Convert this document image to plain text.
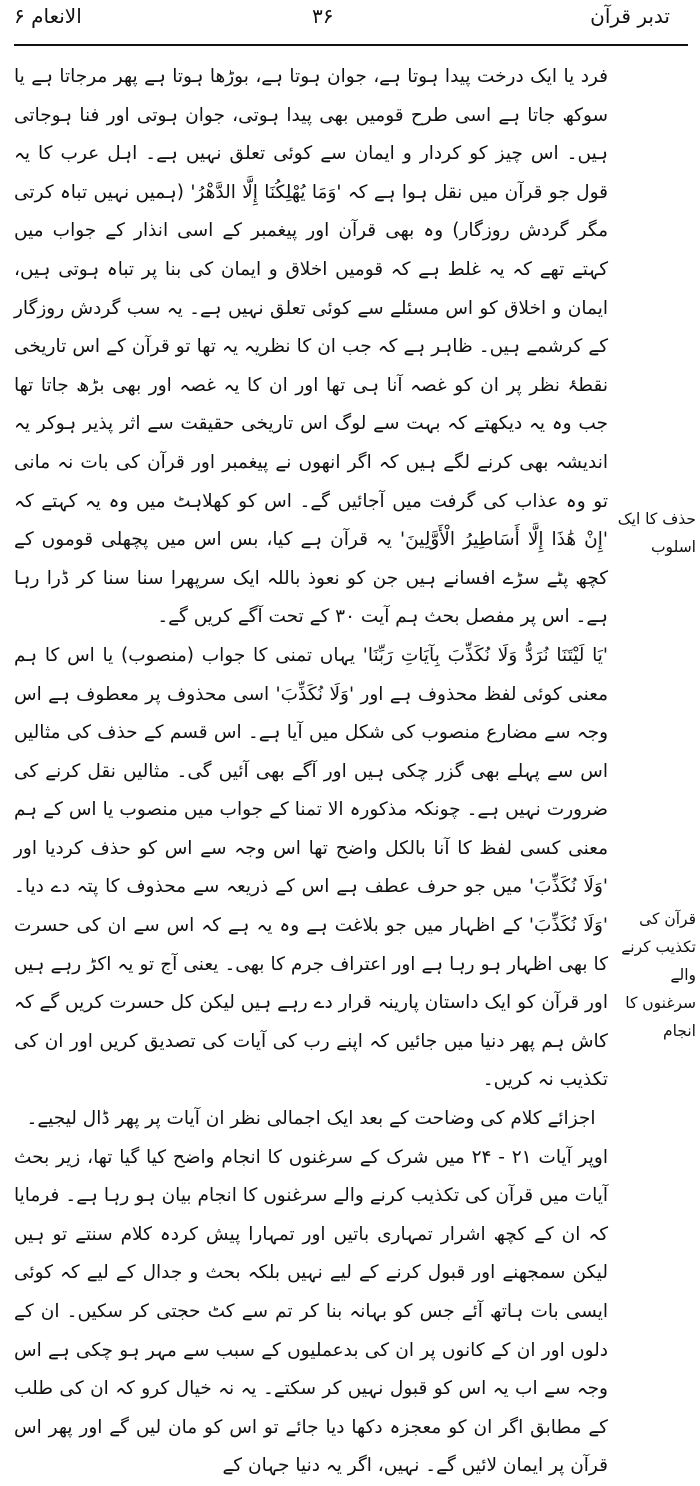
تدبر قرآن
۳۶
الانعام ۶

فرد یا ایک درخت پیدا ہوتا ہے، جوان ہوتا ہے، بوڑھا ہوتا ہے پھر مرجاتا ہے یا سوکھ جاتا ہے اسی طرح قومیں بھی پیدا ہوتی، جوان ہوتی اور فنا ہوجاتی ہیں۔ اس چیز کو کردار و ایمان سے کوئی تعلق نہیں ہے۔ اہل عرب کا یہ قول جو قرآن میں نقل ہوا ہے کہ 'وَمَا يُهْلِكُنَا إِلَّا الدَّهْرُ' (ہمیں نہیں تباہ کرتی مگر گردش روزگار) وہ بھی قرآن اور پیغمبر کے اسی انذار کے جواب میں کہتے تھے کہ یہ غلط ہے کہ قومیں اخلاق و ایمان کی بنا پر تباہ ہوتی ہیں، ایمان و اخلاق کو اس مسئلے سے کوئی تعلق نہیں ہے۔ یہ سب گردش روزگار کے کرشمے ہیں۔ ظاہر ہے کہ جب ان کا نظریہ یہ تھا تو قرآن کے اس تاریخی نقطۂ نظر پر ان کو غصہ آنا ہی تھا اور ان کا یہ غصہ اور بھی بڑھ جاتا تھا جب وہ یہ دیکھتے کہ بہت سے لوگ اس تاریخی حقیقت سے اثر پذیر ہوکر یہ اندیشہ بھی کرنے لگے ہیں کہ اگر انھوں نے پیغمبر اور قرآن کی بات نہ مانی تو وہ عذاب کی گرفت میں آجائیں گے۔ اس کو کھلاہٹ میں وہ یہ کہتے کہ 'إِنْ هَٰذَا إِلَّا أَسَاطِيرُ الْأَوَّلِينَ' یہ قرآن ہے کیا، بس اس میں پچھلی قوموں کے کچھ پٹے سڑے افسانے ہیں جن کو نعوذ باللہ ایک سرپھرا سنا سنا کر ڈرا رہا ہے۔ اس پر مفصل بحث ہم آیت ۳۰ کے تحت آگے کریں گے۔

'يَا لَيْتَنَا نُرَدُّ وَلَا نُكَذِّبَ بِآيَاتِ رَبِّنَا' یہاں تمنی کا جواب (منصوب) یا اس کا ہم معنی کوئی لفظ محذوف ہے اور 'وَلَا نُكَذِّبَ' اسی محذوف پر معطوف ہے اس وجہ سے مضارع منصوب کی شکل میں آیا ہے۔ اس قسم کے حذف کی مثالیں اس سے پہلے بھی گزر چکی ہیں اور آگے بھی آئیں گی۔ مثالیں نقل کرنے کی ضرورت نہیں ہے۔ چونکہ مذکورہ الا تمنا کے جواب میں منصوب یا اس کے ہم معنی کسی لفظ کا آنا بالکل واضح تھا اس وجہ سے اس کو حذف کردیا اور 'وَلَا نُكَذِّبَ' میں جو حرف عطف ہے اس کے ذریعہ سے محذوف کا پتہ دے دیا۔ 'وَلَا نُكَذِّبَ' کے اظہار میں جو بلاغت ہے وہ یہ ہے کہ اس سے ان کی حسرت کا بھی اظہار ہو رہا ہے اور اعتراف جرم کا بھی۔ یعنی آج تو یہ اکڑ رہے ہیں اور قرآن کو ایک داستان پارینہ قرار دے رہے ہیں لیکن کل حسرت کریں گے کہ کاش ہم پھر دنیا میں جائیں کہ اپنے رب کی آیات کی تصدیق کریں اور ان کی تکذیب نہ کریں۔

اجزائے کلام کی وضاحت کے بعد ایک اجمالی نظر ان آیات پر پھر ڈال لیجیے۔

اوپر آیات ۲۱ - ۲۴ میں شرک کے سرغنوں کا انجام واضح کیا گیا تھا، زیر بحث آیات میں قرآن کی تکذیب کرنے والے سرغنوں کا انجام بیان ہو رہا ہے۔ فرمایا کہ ان کے کچھ اشرار تمہاری باتیں اور تمہارا پیش کردہ کلام سنتے تو ہیں لیکن سمجھنے اور قبول کرنے کے لیے نہیں بلکہ بحث و جدال کے لیے کہ کوئی ایسی بات ہاتھ آئے جس کو بہانہ بنا کر تم سے کٹ حجتی کر سکیں۔ ان کے دلوں اور ان کے کانوں پر ان کی بدعملیوں کے سبب سے مہر ہو چکی ہے اس وجہ سے اب یہ اس کو قبول نہیں کر سکتے۔ یہ نہ خیال کرو کہ ان کی طلب کے مطابق اگر ان کو معجزہ دکھا دیا جائے تو اس کو مان لیں گے اور پھر اس قرآن پر ایمان لائیں گے۔ نہیں، اگر یہ دنیا جہان کے

حذف کا ایک اسلوب
قرآن کی تکذیب کرنے والے سرغنوں کا انجام
